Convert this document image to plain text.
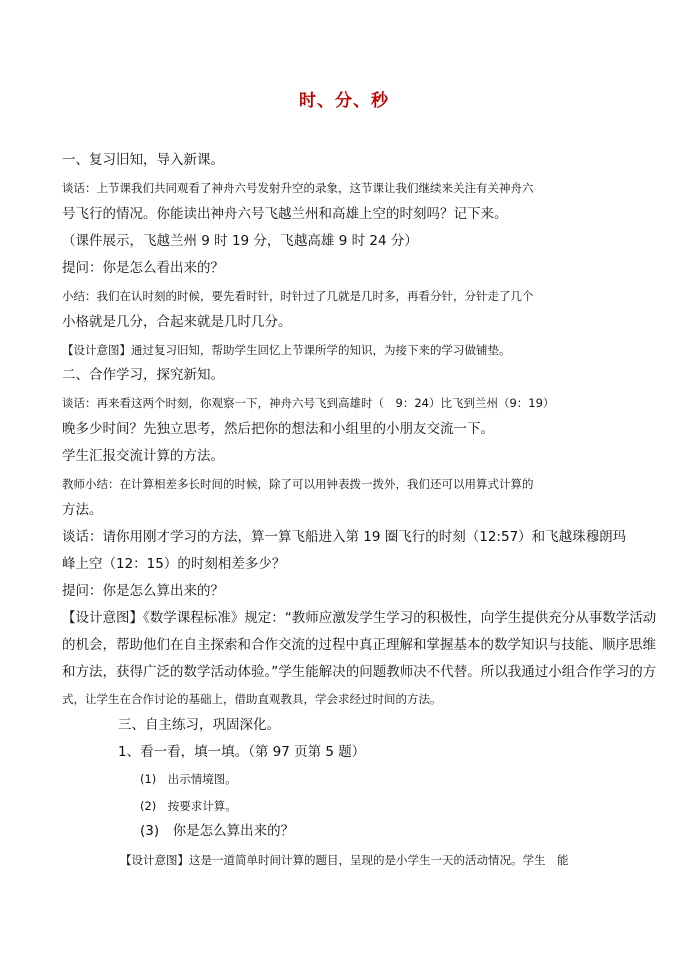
时、分、秒
一、复习旧知，导入新课。
谈话：上节课我们共同观看了神舟六号发射升空的录象，这节课让我们继续来关注有关神舟六
号飞行的情况。你能读出神舟六号飞越兰州和高雄上空的时刻吗？记下来。
（课件展示，飞越兰州 9 时 19 分，飞越高雄 9 时 24 分）
提问：你是怎么看出来的？
小结：我们在认时刻的时候，要先看时针，时针过了几就是几时多，再看分针，分针走了几个
小格就是几分，合起来就是几时几分。
【设计意图】通过复习旧知，帮助学生回忆上节课所学的知识，为接下来的学习做铺垫。
二、合作学习，探究新知。
谈话：再来看这两个时刻，你观察一下，神舟六号飞到高雄时（　9：24）比飞到兰州（9：19）
晚多少时间？先独立思考，然后把你的想法和小组里的小朋友交流一下。
学生汇报交流计算的方法。
教师小结：在计算相差多长时间的时候，除了可以用钟表拨一拨外，我们还可以用算式计算的
方法。
谈话：请你用刚才学习的方法，算一算飞船进入第 19 圈飞行的时刻（12:57）和飞越珠穆朗玛
峰上空（12：15）的时刻相差多少？
提问：你是怎么算出来的？
【设计意图】《数学课程标准》规定：“教师应激发学生学习的积极性，向学生提供充分从事数学活动
的机会，帮助他们在自主探索和合作交流的过程中真正理解和掌握基本的数学知识与技能、顺序思维
和方法，获得广泛的数学活动体验。”学生能解决的问题教师决不代替。所以我通过小组合作学习的方
式，让学生在合作讨论的基础上，借助直观教具，学会求经过时间的方法。
三、自主练习，巩固深化。
1、看一看，填一填。（第 97 页第 5 题）
(1)　出示情境图。
(2)　按要求计算。
(3)　你是怎么算出来的？
【设计意图】这是一道简单时间计算的题目，呈现的是小学生一天的活动情况。学生　能
